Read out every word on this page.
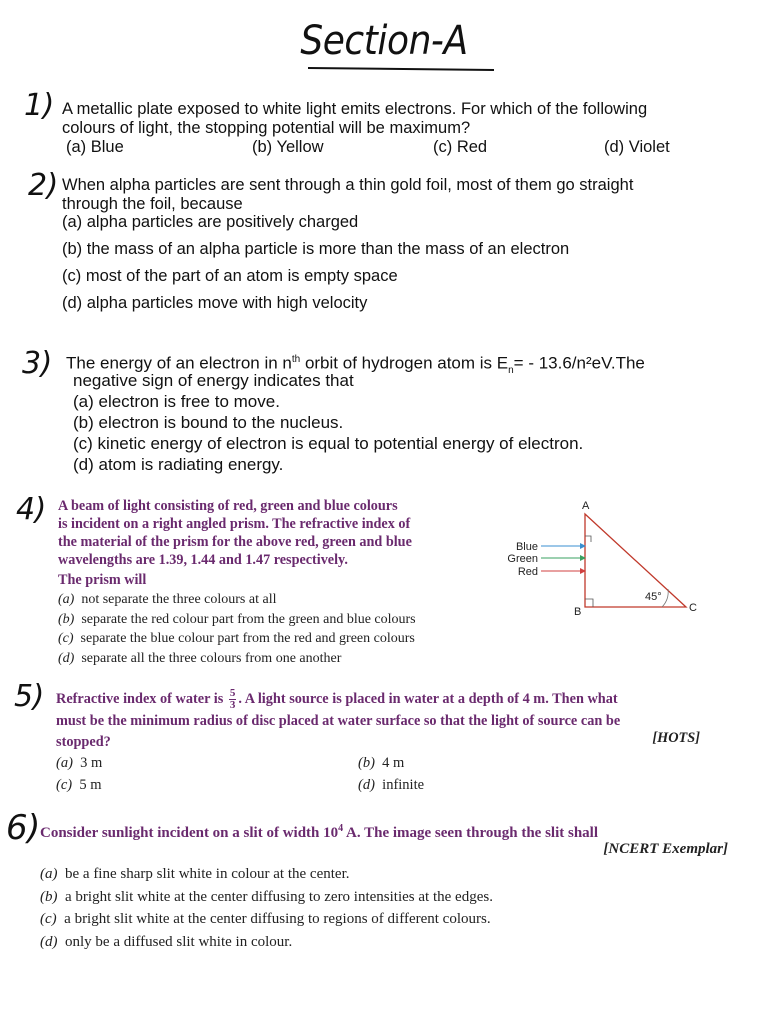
Section-A
1) A metallic plate exposed to white light emits electrons. For which of the following
colours of light, the stopping potential will be maximum?
(a) Blue	(b) Yellow	(c) Red	(d) Violet
2) When alpha particles are sent through a thin gold foil, most of them go straight
through the foil, because
(a) alpha particles are positively charged
(b) the mass of an alpha particle is more than the mass of an electron
(c) most of the part of an atom is empty space
(d) alpha particles move with high velocity
3) The energy of an electron in $n^{th}$ orbit of hydrogen atom is $E_n= - 13.6/n^2eV.The$
negative sign of energy indicates that
(a) electron is free to move.
(b) electron is bound to the nucleus.
(c) kinetic energy of electron is equal to potential energy of electron.
(d) atom is radiating energy.
4) A beam of light consisting of red, green and blue colours
is incident on a right angled prism. The refractive index of
the material of the prism for the above red, green and blue
wavelengths are 1.39, 1.44 and 1.47 respectively.
The prism will
(a) not separate the three colours at all
(b) separate the red colour part from the green and blue colours
(c) separate the blue colour part from the red and green colours
(d) separate all the three colours from one another
A
B	C
45°
Blue
Green
Red
5) Refractive index of water is $\frac{5}{3}$ . A light source is placed in water at a depth of 4 m. Then what
must be the minimum radius of disc placed at water surface so that the light of source can be
stopped?	[HOTS]
(a) 3 m	(b) 4 m
(c) 5 m	(d) infinite
6) Consider sunlight incident on a slit of width $10^4$ A. The image seen through the slit shall
[NCERT Exemplar]
(a) be a fine sharp slit white in colour at the center.
(b) a bright slit white at the center diffusing to zero intensities at the edges.
(c) a bright slit white at the center diffusing to regions of different colours.
(d) only be a diffused slit white in colour.
